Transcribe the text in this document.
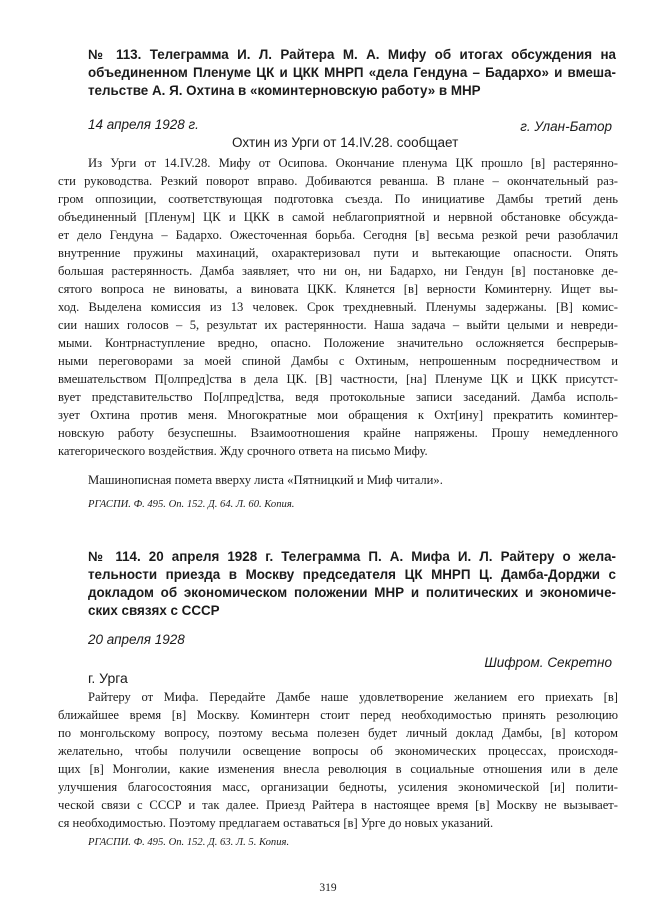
№ 113. Телеграмма И. Л. Райтера М. А. Мифу об итогах обсуждения на
объединенном Пленуме ЦК и ЦКК МНРП «дела Гендуна – Бадархо» и вмеша-
тельстве А. Я. Охтина в «коминтерновскую работу» в МНР
14 апреля 1928 г.	г. Улан-Батор
Охтин из Урги от 14.IV.28. сообщает

Из Урги от 14.IV.28. Мифу от Осипова. Окончание пленума ЦК прошло [в] растерянно-
сти руководства. Резкий поворот вправо. Добиваются реванша. В плане – окончательный раз-
гром оппозиции, соответствующая подготовка съезда. По инициативе Дамбы третий день
объединенный [Пленум] ЦК и ЦКК в самой неблагоприятной и нервной обстановке обсужда-
ет дело Гендуна – Бадархо. Ожесточенная борьба. Сегодня [в] весьма резкой речи разоблачил
внутренние пружины махинаций, охарактеризовал пути и вытекающие опасности. Опять
большая растерянность. Дамба заявляет, что ни он, ни Бадархо, ни Гендун [в] постановке де-
сятого вопроса не виноваты, а виновата ЦКК. Клянется [в] верности Коминтерну. Ищет вы-
ход. Выделена комиссия из 13 человек. Срок трехдневный. Пленумы задержаны. [В] комис-
сии наших голосов – 5, результат их растерянности. Наша задача – выйти целыми и невреди-
мыми. Контрнаступление вредно, опасно. Положение значительно осложняется беспрерыв-
ными переговорами за моей спиной Дамбы с Охтиным, непрошенным посредничеством и
вмешательством П[олпред]ства в дела ЦК. [В] частности, [на] Пленуме ЦК и ЦКК присутст-
вует представительство По[лпред]ства, ведя протокольные записи заседаний. Дамба исполь-
зует Охтина против меня. Многократные мои обращения к Охт[ину] прекратить коминтер-
новскую работу безуспешны. Взаимоотношения крайне напряжены. Прошу немедленного
категорического воздействия. Жду срочного ответа на письмо Мифу.

Машинописная пометa вверху листа «Пятницкий и Миф читали».
РГАСПИ. Ф. 495. Оп. 152. Д. 64. Л. 60. Копия.
№ 114. 20 апреля 1928 г. Телеграмма П. А. Мифа И. Л. Райтеру о жела-
тельности приезда в Москву председателя ЦК МНРП Ц. Дамба-Дорджи с
докладом об экономическом положении МНР и политических и экономиче-
ских связях с СССР
20 апреля 1928
Шифром. Секретно
г. Урга

Райтеру от Мифа. Передайте Дамбе наше удовлетворение желанием его приехать [в]
ближайшее время [в] Москву. Коминтерн стоит перед необходимостью принять резолюцию
по монгольскому вопросу, поэтому весьма полезен будет личный доклад Дамбы, [в] котором
желательно, чтобы получили освещение вопросы об экономических процессах, происходя-
щих [в] Монголии, какие изменения внесла революция в социальные отношения или в деле
улучшения благосостояния масс, организации бедноты, усиления экономической [и] полити-
ческой связи с СССР и так далее. Приезд Райтера в настоящее время [в] Москву не вызывает-
ся необходимостью. Поэтому предлагаем оставаться [в] Урге до новых указаний.

РГАСПИ. Ф. 495. Оп. 152. Д. 63. Л. 5. Копия.
319
